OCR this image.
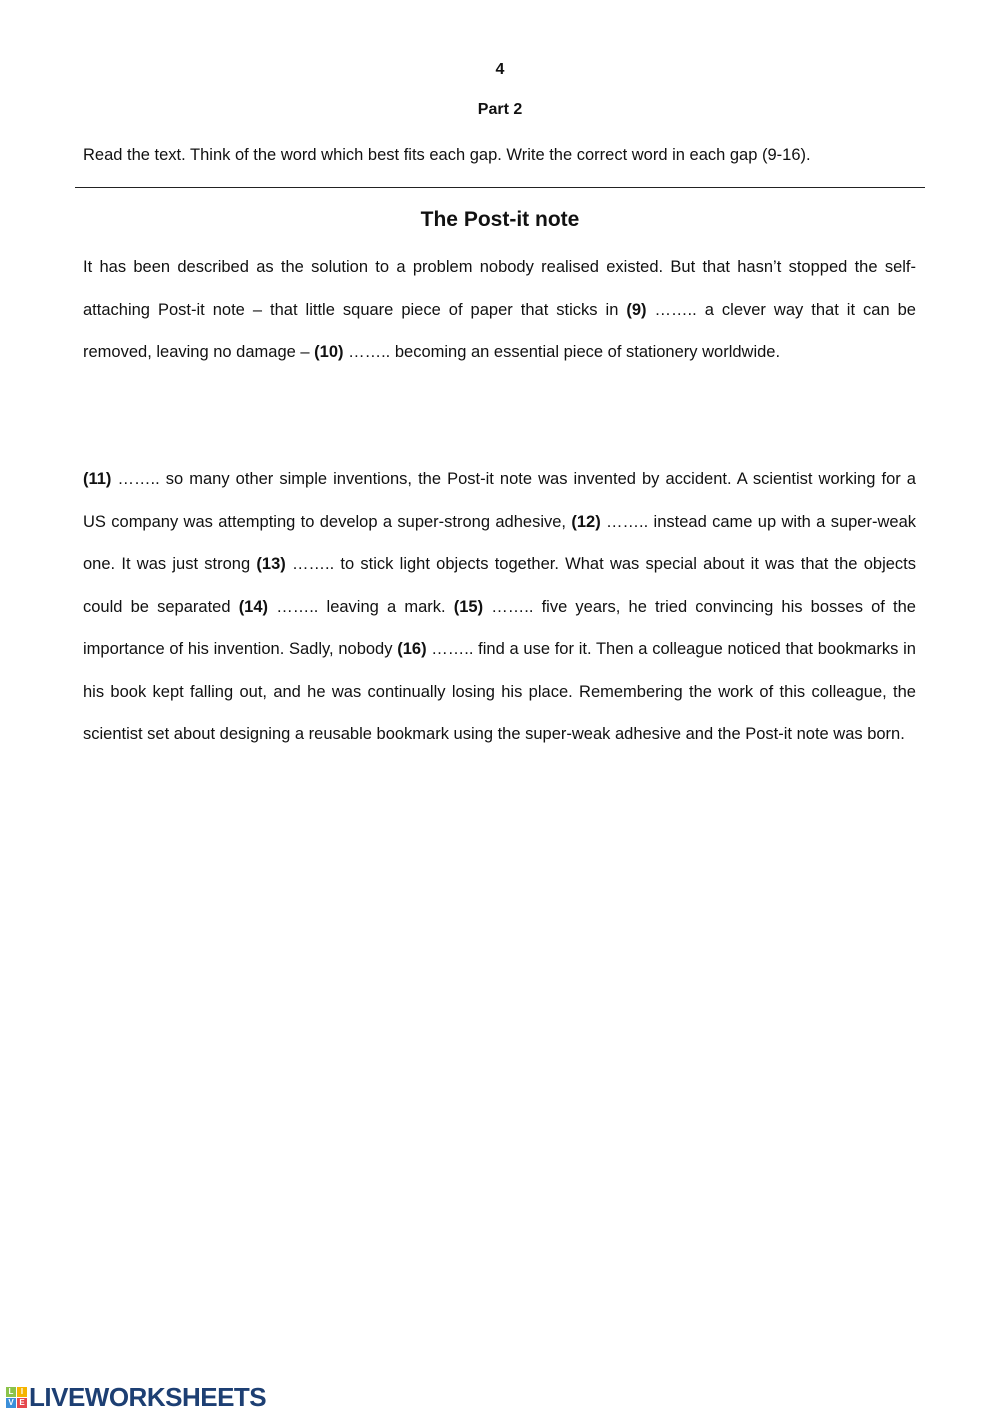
4
Part 2
Read the text. Think of the word which best fits each gap. Write the correct word in each gap (9-16).
The Post-it note

It has been described as the solution to a problem nobody realised existed. But that hasn’t stopped the self-attaching Post-it note – that little square piece of paper that sticks in (9) …….. a clever way that it can be removed, leaving no damage – (10) …….. becoming an essential piece of stationery worldwide.

(11) …….. so many other simple inventions, the Post-it note was invented by accident. A scientist working for a US company was attempting to develop a super-strong adhesive, (12) …….. instead came up with a super-weak one. It was just strong (13) …….. to stick light objects together. What was special about it was that the objects could be separated (14) …….. leaving a mark. (15) …….. five years, he tried convincing his bosses of the importance of his invention. Sadly, nobody (16) …….. find a use for it. Then a colleague noticed that bookmarks in his book kept falling out, and he was continually losing his place. Remembering the work of this colleague, the scientist set about designing a reusable bookmark using the super-weak adhesive and the Post-it note was born.

L I
V E LIVEWORKSHEETS
